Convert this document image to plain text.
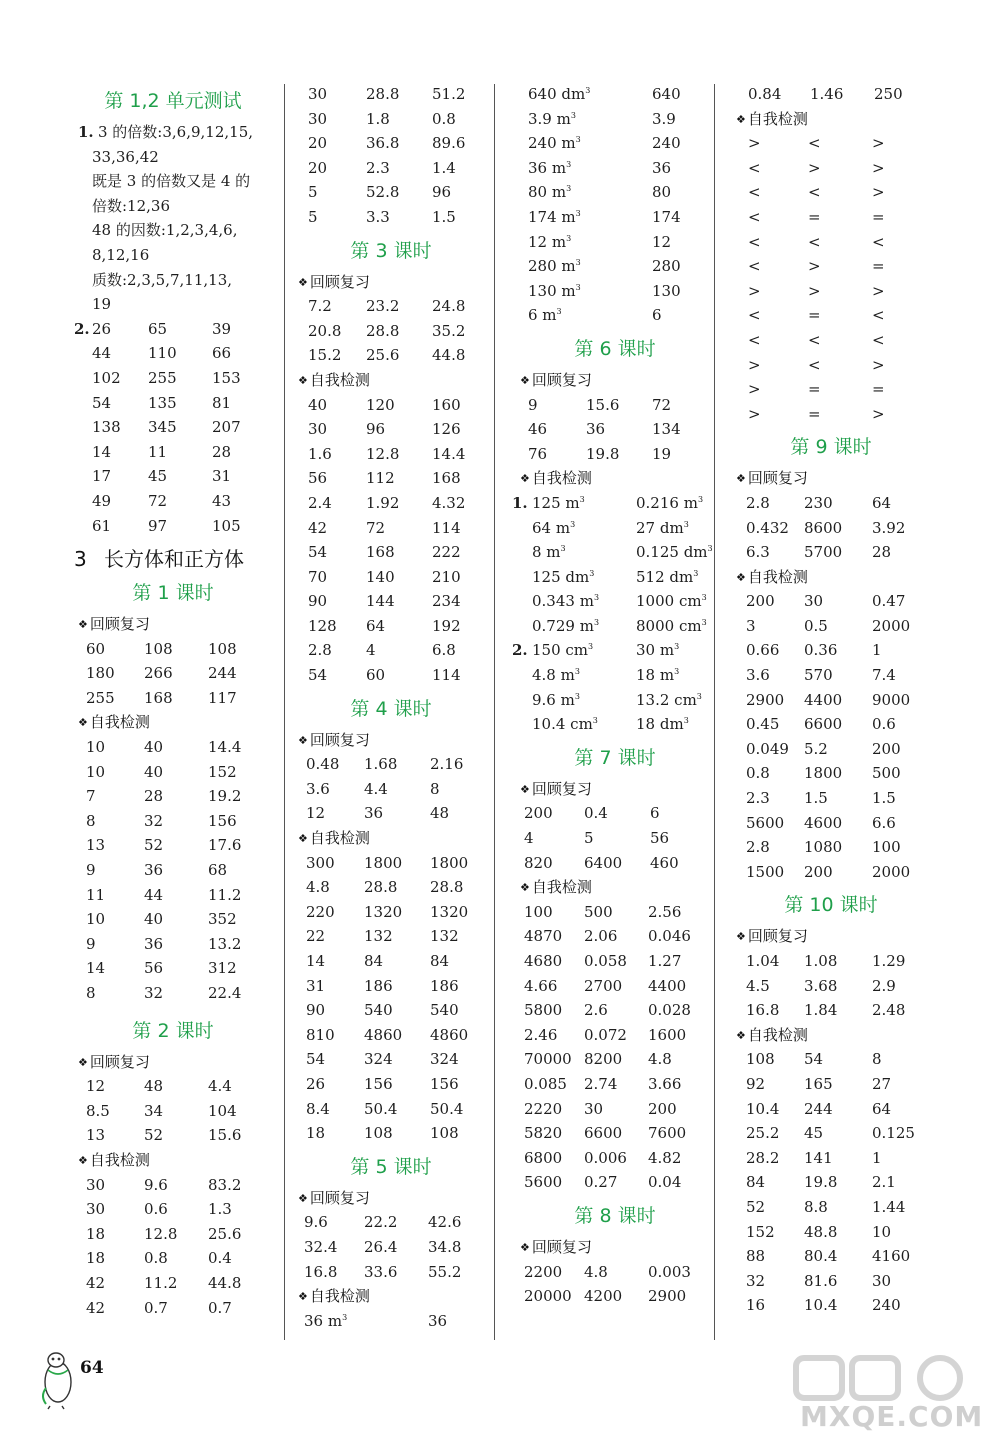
第 1,2 单元测试
1. 3 的倍数:3,6,9,12,15,
33,36,42
既是 3 的倍数又是 4 的
倍数:12,36
48 的因数:1,2,3,4,6,
8,12,16
质数:2,3,5,7,11,13,
19
26 65	39
2.
44 110 66
102 255 153
54 135 81
138 345 207
14 11	28
17 45	31
49 72	43
61 97	105
3 长方体和正方体
第 1 课时
❖ 回顾复习
60	108 108
180 266 244
255 168 117
❖ 自我检测
10	40	14.4
10	40	152
7	28	19.2
8	32	156
13	52	17.6
9	36	68
11	44	11.2
10	40	352
9	36	13.2
14	56	312
8	32	22.4
第 2 课时
❖ 回顾复习
12	48	4.4
8.5 34	104
13	52	15.6
❖ 自我检测
30	9.6	83.2
30	0.6	1.3
18	12.8 25.6
18	0.8	0.4
42	11.2 44.8
42	0.7	0.7
30	28.8 51.2
30	1.8	0.8
20	36.8 89.6
20	2.3	1.4
5	52.8 96
5	3.3	1.5
第 3 课时
❖ 回顾复习
7.2 23.2 24.8
20.8 28.8 35.2
15.2 25.6 44.8
❖ 自我检测
40	120 160
30	96	126
1.6 12.8 14.4
56	112 168
2.4 1.92 4.32
42	72	114
54	168 222
70	140 210
90	144 234
128 64	192
2.8 4	6.8
54	60	114
第 4 课时
❖ 回顾复习
0.48 1.68 2.16
3.6 4.4	8
12	36	48
❖ 自我检测
300 1800 1800
4.8 28.8 28.8
220 1320 1320
22	132 132
14	84	84
31	186 186
90	540 540
810 4860 4860
54	324 324
26	156 156
8.4 50.4 50.4
18	108 108
第 5 课时
❖ 回顾复习
9.6 22.2 42.6
32.4 26.4 34.8
16.8 33.6 55.2
❖ 自我检测
36 $m^3$	36
640 $dm^3$	640
3.9 $m^3$	3.9
240 $m^3$	240
36 $m^3$	36
80 $m^3$	80
174 $m^3$	174
12 $m^3$	12
280 $m^3$	280
130 $m^3$	130
6 $m^3$	6
第 6 课时
❖ 回顾复习
9	15.6 72
46	36	134
76	19.8 19
❖ 自我检测
125 $m^3$	0.216 $m^3$
1.
64 $m^3$	27 $dm^3$
8 $m^3$	0.125 $dm^3$
125 $dm^3$	512 $dm^3$
0.343 $m^3$ 1000 $cm^3$
0.729 $m^3$ 8000 $cm^3$
150 $cm^3$	30 $m^3$
2.
4.8 $m^3$	18 $m^3$
9.6 $m^3$	13.2 $cm^3$
10.4 $cm^3$	18 $dm^3$
第 7 课时
❖ 回顾复习
200 0.4	6
4	5	56
820 6400 460
❖ 自我检测
100 500 2.56
4870 2.06 0.046
4680 0.058 1.27
4.66 2700 4400
5800 2.6	0.028
2.46 0.072 1600
70000 8200 4.8
0.085 2.74 3.66
2220 30	200
5820 6600 7600
6800 0.006 4.82
5600 0.27 0.04
第 8 课时
❖ 回顾复习
2200 4.8	0.003
20000 4200 2900
0.84 1.46 250
❖ 自我检测
>	<	>
<	>	>
<	<	>
<	=	=
<	<	<
<	>	=
>	>	>
<	=	<
<	<	<
>	<	>
>	=	=
>	=	>
第 9 课时
❖ 回顾复习
2.8 230	64
0.432 8600 3.92
6.3 5700 28
❖ 自我检测
200 30	0.47
3	0.5	2000
0.66 0.36 1
3.6 570	7.4
2900 4400 9000
0.45 6600 0.6
0.049 5.2	200
0.8 1800 500
2.3 1.5	1.5
5600 4600 6.6
2.8 1080 100
1500 200	2000
第 10 课时
❖ 回顾复习
1.04 1.08 1.29
4.5 3.68 2.9
16.8 1.84 2.48
❖ 自我检测
108 54	8
92	165	27
10.4 244	64
25.2 45	0.125
28.2 141	1
84	19.8 2.1
52	8.8	1.44
152 48.8 10
88	80.4 4160
32	81.6 30
16	10.4 240
64
MXQE.COM
